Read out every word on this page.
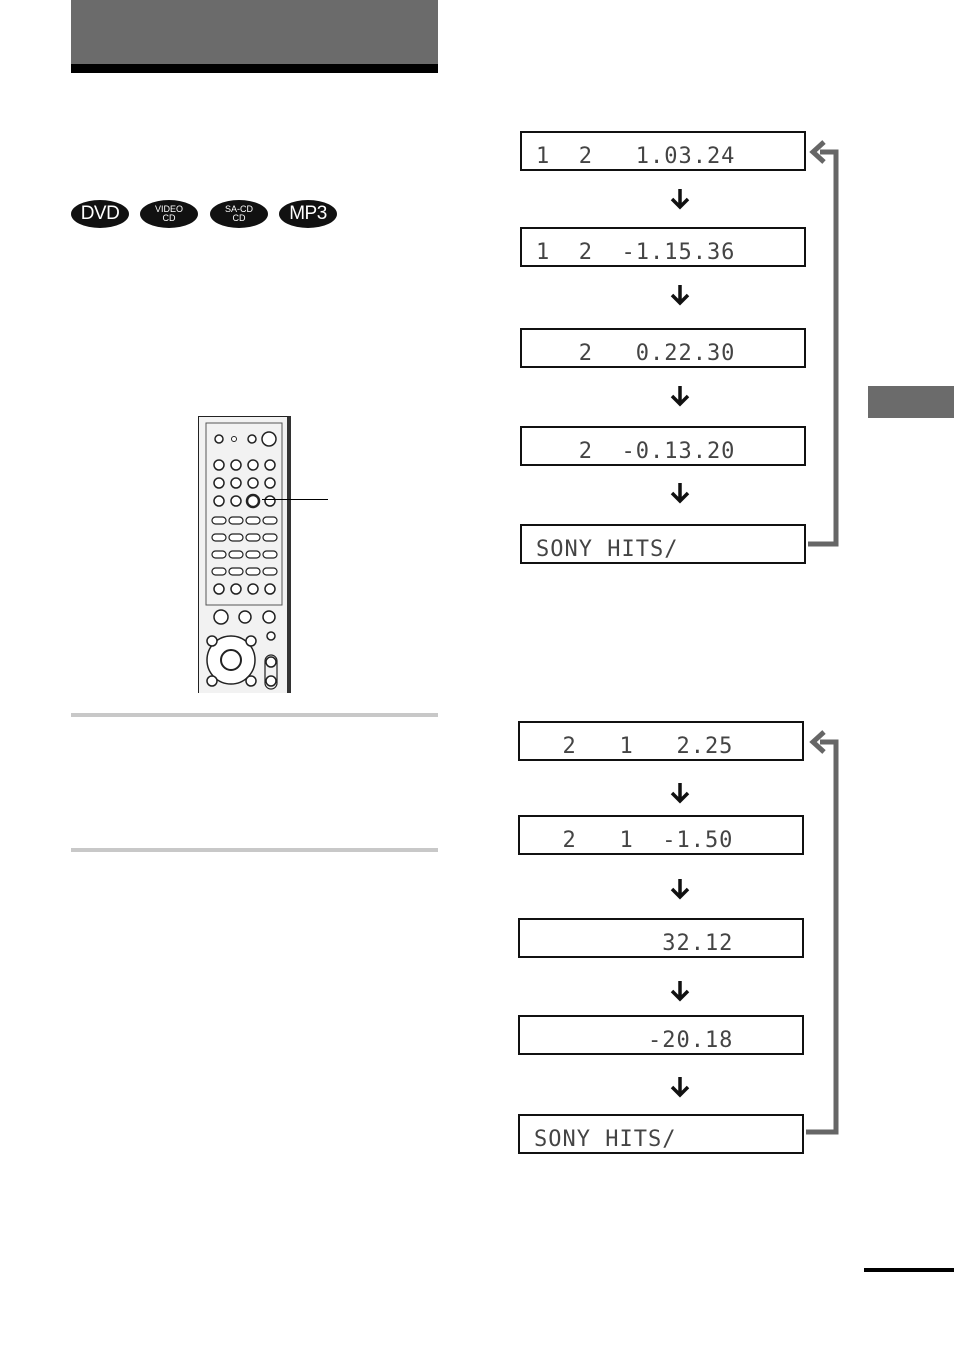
DVD	VIDEO
CD
SA-CD
CD	MP3
1  2   1.03.24
1  2  -1.15.36
2   0.22.30
2  -0.13.20
SONY HITS/
2   1   2.25
2   1  -1.50
32.12
-20.18
SONY HITS/
